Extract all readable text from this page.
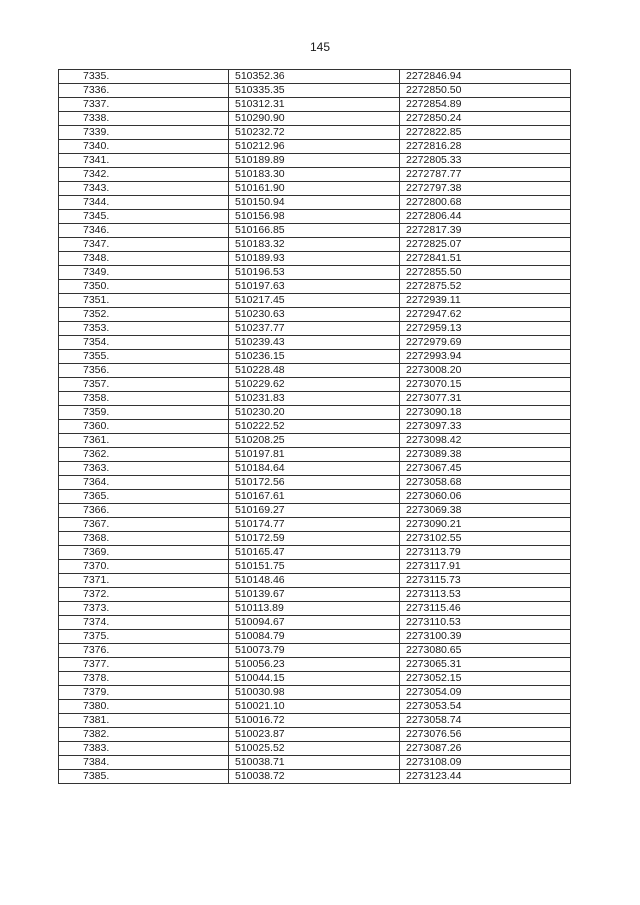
145
7335.	510352.36	2272846.94
7336.	510335.35	2272850.50
7337.	510312.31	2272854.89
7338.	510290.90	2272850.24
7339.	510232.72	2272822.85
7340.	510212.96	2272816.28
7341.	510189.89	2272805.33
7342.	510183.30	2272787.77
7343.	510161.90	2272797.38
7344.	510150.94	2272800.68
7345.	510156.98	2272806.44
7346.	510166.85	2272817.39
7347.	510183.32	2272825.07
7348.	510189.93	2272841.51
7349.	510196.53	2272855.50
7350.	510197.63	2272875.52
7351.	510217.45	2272939.11
7352.	510230.63	2272947.62
7353.	510237.77	2272959.13
7354.	510239.43	2272979.69
7355.	510236.15	2272993.94
7356.	510228.48	2273008.20
7357.	510229.62	2273070.15
7358.	510231.83	2273077.31
7359.	510230.20	2273090.18
7360.	510222.52	2273097.33
7361.	510208.25	2273098.42
7362.	510197.81	2273089.38
7363.	510184.64	2273067.45
7364.	510172.56	2273058.68
7365.	510167.61	2273060.06
7366.	510169.27	2273069.38
7367.	510174.77	2273090.21
7368.	510172.59	2273102.55
7369.	510165.47	2273113.79
7370.	510151.75	2273117.91
7371.	510148.46	2273115.73
7372.	510139.67	2273113.53
7373.	510113.89	2273115.46
7374.	510094.67	2273110.53
7375.	510084.79	2273100.39
7376.	510073.79	2273080.65
7377.	510056.23	2273065.31
7378.	510044.15	2273052.15
7379.	510030.98	2273054.09
7380.	510021.10	2273053.54
7381.	510016.72	2273058.74
7382.	510023.87	2273076.56
7383.	510025.52	2273087.26
7384.	510038.71	2273108.09
7385.	510038.72	2273123.44
